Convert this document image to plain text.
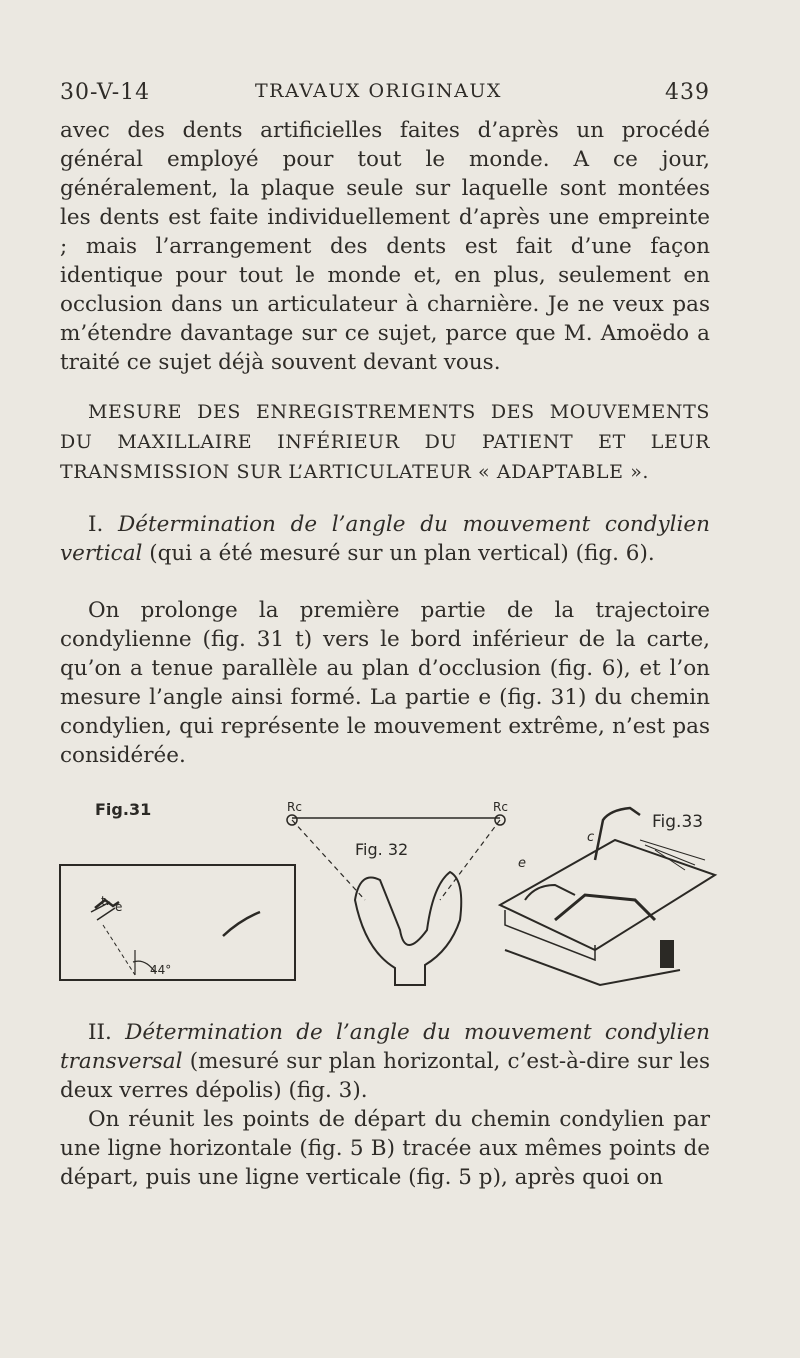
30-V-14	TRAVAUX ORIGINAUX	439

avec des dents artificielles faites d’après un procédé général employé pour tout le monde. A ce jour, généralement, la plaque seule sur laquelle sont montées les dents est faite individuellement d’après une empreinte ; mais l’arrangement des dents est fait d’une façon identique pour tout le monde et, en plus, seulement en occlusion dans un articulateur à charnière. Je ne veux pas m’étendre davantage sur ce sujet, parce que M. Amoëdo a traité ce sujet déjà souvent devant vous.

MESURE DES ENREGISTREMENTS DES MOUVEMENTS DU MAXILLAIRE INFÉRIEUR DU PATIENT ET LEUR TRANSMISSION SUR L’ARTICULATEUR « ADAPTABLE ».

I. Détermination de l’angle du mouvement condylien vertical (qui a été mesuré sur un plan vertical) (fig. 6).

On prolonge la première partie de la trajectoire condylienne (fig. 31 t) vers le bord inférieur de la carte, qu’on a tenue parallèle au plan d’occlusion (fig. 6), et l’on mesure l’angle ainsi formé. La partie e (fig. 31) du chemin condylien, qui représente le mouvement extrême, n’est pas considérée.

Fig.31
t. e
44°
Rc	Rc
Fig. 32
Fig.33
c
e

II. Détermination de l’angle du mouvement condylien transversal (mesuré sur plan horizontal, c’est-à-dire sur les deux verres dépolis) (fig. 3).

On réunit les points de départ du chemin condylien par une ligne horizontale (fig. 5 B) tracée aux mêmes points de départ, puis une ligne verticale (fig. 5 p), après quoi on
